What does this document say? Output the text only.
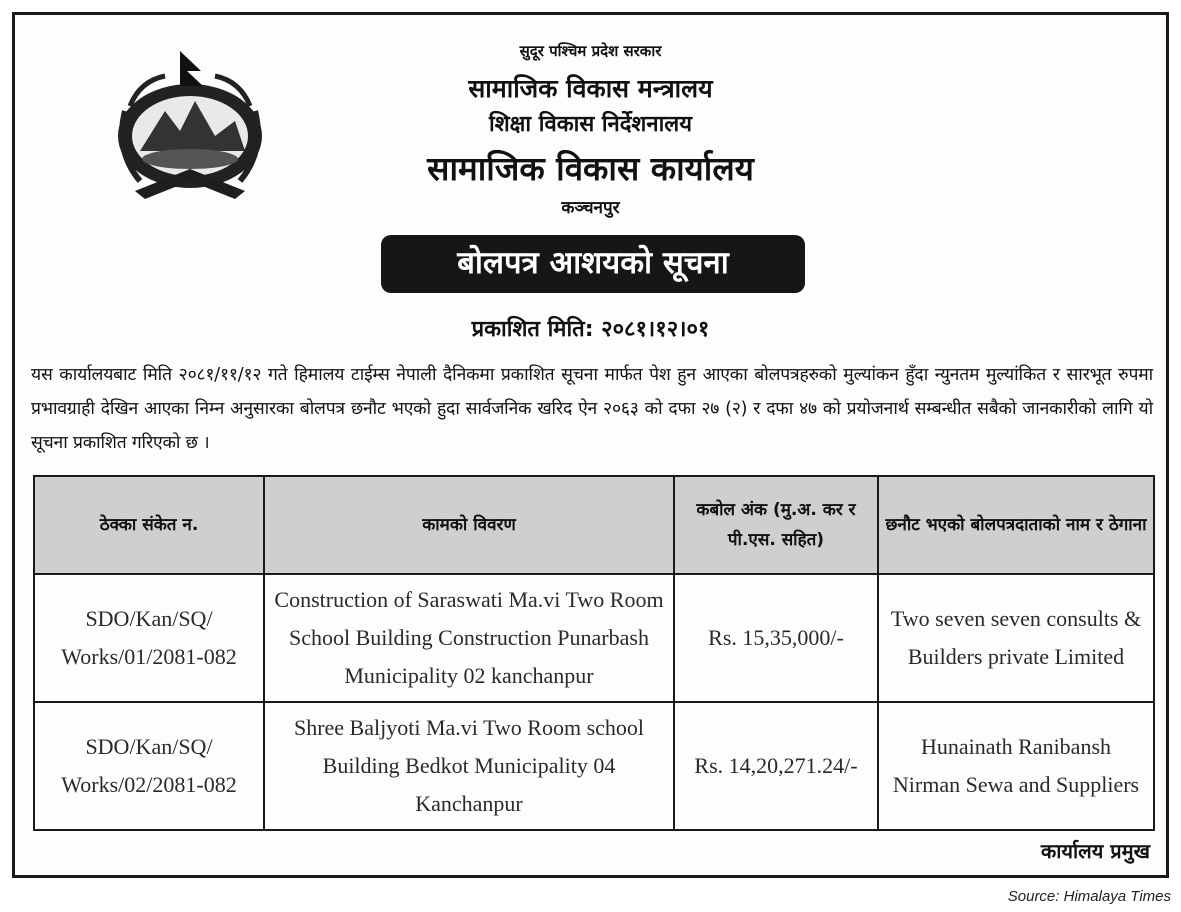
सुदूर पश्चिम प्रदेश सरकार
सामाजिक विकास मन्त्रालय
शिक्षा विकास निर्देशनालय
सामाजिक विकास कार्यालय
कञ्चनपुर
बोलपत्र आशयको सूचना
प्रकाशित मिति: २०८१।१२।०१

यस कार्यालयबाट मिति २०८१/११/१२ गते हिमालय टाईम्स नेपाली दैनिकमा प्रकाशित सूचना मार्फत पेश हुन आएका बोलपत्रहरुको मुल्यांकन हुँदा न्युनतम मुल्यांकित र सारभूत रुपमा प्रभावग्राही देखिन आएका निम्न अनुसारका बोलपत्र छनौट भएको हुदा सार्वजनिक खरिद ऐन २०६३ को दफा २७ (२) र दफा ४७ को प्रयोजनार्थ सम्बन्धीत सबैको जानकारीको लागि यो सूचना प्रकाशित गरिएको छ ।

ठेक्का संकेत न.	कामको विवरण	कबोल अंक (मु.अ. कर र पी.एस. सहित)	छनौट भएको बोलपत्रदाताको नाम र ठेगाना
SDO/Kan/SQ/ Works/01/2081-082	Construction of Saraswati Ma.vi Two Room School Building Construction Punarbash Municipality 02 kanchanpur	Rs. 15,35,000/-	Two seven seven consults & Builders private Limited
SDO/Kan/SQ/ Works/02/2081-082	Shree Baljyoti Ma.vi Two Room school Building Bedkot Municipality 04 Kanchanpur	Rs. 14,20,271.24/-	Hunainath Ranibansh Nirman Sewa and Suppliers
कार्यालय प्रमुख
Source: Himalaya Times
